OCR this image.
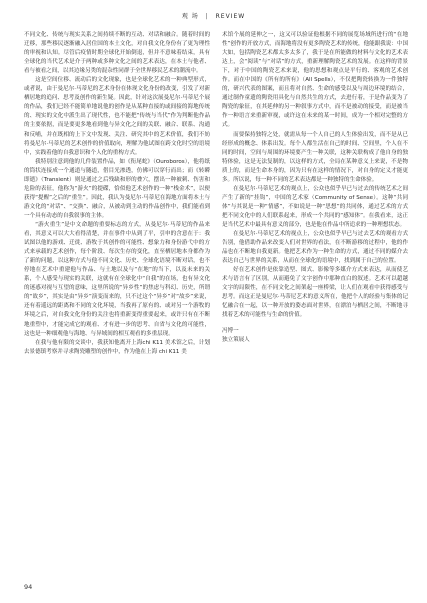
观 场 | REVIEW

不同文化、传统与现实关系之间持续不断的互动、对话和融合。随着时间的迁移，那些移民逐渐融入居住国的本土文化，对自我文化身份有了更为理性的审视和认知。尽管后疫情时期全球化开始倒退，但并不意味着结束，具有全球化的当代艺术是介于两种或多种文化之间的艺术表达，在本土与他者、看与被看之间，以其边缘另类的混杂性同群于全世界移民艺术的潮流中。

这是空间位移、流动后的文化现象，也是全球化艺术的一种典型形式，或者说，由于曼尼尔·马蒂尼的艺术身份在体现文化身份的改变，引发了对新栖居地的追问、思考及创作的新生疑。因此，针对这次展曼尼尔·马蒂尼个展的作品，我们已经不能简单地说他的创作是从某种直接的或间接的海地传统的、现实的文化中派生出了现代性，也不能把“传统与当代”作为判断他作品的主要依据，而是要更多地看到他与异文化之间的关联、融合、联系、沟通和反哺，并在既相的上下文中发现、关注、研究其中的艺术价值，我们不妨将曼尼尔·马蒂尼的艺术创作的价值取向，理解为他试图在跨文化时空的语境中，实践着他的自我意识和个人化的重构方式。

我特别注意到他的几件装置作品，如《衔尾蛇》（Ouroboros），他将纸的筒状连接成一个通道与隧道，借目光渗透，仿佛可以穿行而出；而《转瞬即逝》（Transient）则是通过之后残缺和形的叠穴，摆出一种被刺、伤害和危险的表征，他称为“游火”的提碟，恰似他艺术创作的一种“栈金术”，以便获得“提醒”之后的“重生”。因此，我认为曼尼尔·马蒂尼在海地方面将本土与游文化的“对话”、“交换”、融合，从被动到主动的作品创作中，我们能看到一个具有动态的自我叙事的主体。

“游火重生”是中文命题的重要标志的方式，从曼尼尔·马蒂尼的作品来看，其意义可以大大看得清楚，并在事件中从到了平，引申的含意在于：我试图以他的游戏、迁徙、游牧于其创作的可能性、想象力和身份游弋中的方式来承载的艺术创作，每个阶段、每次生存的变化，直至栖居地本身都作为了新的问题，以这种方式与他不同文化、历史、全球化语境不断对话，也不停地在艺术中重建他与作品、与土地以及与“在地”的当下，以及未来的关系，个人感受与现实的关联，这就有在全球化中“自我”的在场，也有异文化的迷惑对视与互望的意味，这里所说的“异乡性”的焦虑与科幻、历史，所谓的“故乡”，其实是由“异乡”演变而来的，只不过这个“异乡”对“故乡”来说，还有着遥远的距离和不同的文化坏境，当我再了原有的、或对另一个游牧的坏境之后，对自我文化身份的关注也将重新变得重要起来，或许只有在不断地重塑中，才能完成它的观看、才有进一步的思考、自省与文化的可能性，这也是一种细观他与海地、与异域间的相互观看的多重层现。

在我与他有限的交谈中，我获知他离开上海chi K11 美术馆之后，计划去景德镇考察并寻求陶瓷雕塑的创作中，作为他在上海 chi K11 美

术馆个展的延伸之一，这又可以验证他根据不同的展览场域所进行的“在地性”创作的开放方式，而海地将没有更多陶瓷艺术的传统，他能跟我说：中国大如，包括陶瓷艺术都太多太多了，我于是在所能做的材料与文化的艺术表达上，会“阅读”与“对话”的方式，重新理解陶瓷艺术的发展。在这样的背景下，对于中国的陶瓷艺术来说，他的思想和观点是平行的、客观的艺术创作。而在中国的《所有的所有》（All Spells），不仅把陶瓷转换为一件独特的，研兴代表的图案，而且将对自然、生命的感受以及与周边环境的结合，通过制作童遗的陶瓷用具化与自然共生的方式，去进行着，于是作品变为了陶瓷的象征，在其延伸的另一种叙事方式中，而不是被动的接受，而是被当作一种语言来重新审视，或许这在未来的某一时间，成为一个相对完整的方式。

而要保持独特之处，就需从每一个人自己的人生体验出发，而不是从已经形成的概念、体系出发。每个人都生活在自己的时间、空间里，个人在不同的时间，空间与周围的环境要产生一种关联，这种关联构成了他自身的独特体验，这是无法复制的，以这样的方式，全局在某种意义上来说，不是物质上的，而是生命本身的，因为只有在这样的情况下，对自身的定义才能更多。所以说，每一种不同的艺术表达都是一种独特的生命体验。

在曼尼尔·马蒂尼艺术的观点上，公众也似乎早已与过去的传统艺术之间产生了新的“挂钩”，中国的艺术家（Community of Sense）。这种“共同体”与其说是一种“情感”，不如说是一种“思想”的共同体，通过艺术的方式把不同文化中的人们联系起来，形成一个共同的“感知体”。在我看来，这正是当代艺术中最具有意义的部分，也是他在作品中所追求的一种理想状态。

在曼尼尔·马蒂尼艺术的视点上，公众也似乎早已与过去艺术的观看方式告别，他借助作品来改变人们对世界的看法，在不断游移的过程中，他的作品也在不断地自我更新。他把艺术作为一种生命的方式，通过不同的媒介去表达自己与世界的关系，从而在全球化的语境中，找到属于自己的位置。

好在艺术创作是依靠造型、图式、影像等多媒介方式来表达，从而使艺术与语言有了区别，从而避免了文字创作中那种直白的叙述。艺术可以超越文字的局限性，在不同文化之间架起一座桥梁，让人们在观看中获得感受与思考。而这正是曼尼尔·马蒂尼艺术的意义所在，他把个人的经验与集体的记忆融合在一起，以一种开放的姿态面对世界，在漂泊与栖居之间，不断地寻找着艺术的可能性与生命的价值。

冯博一
独立策展人
94
